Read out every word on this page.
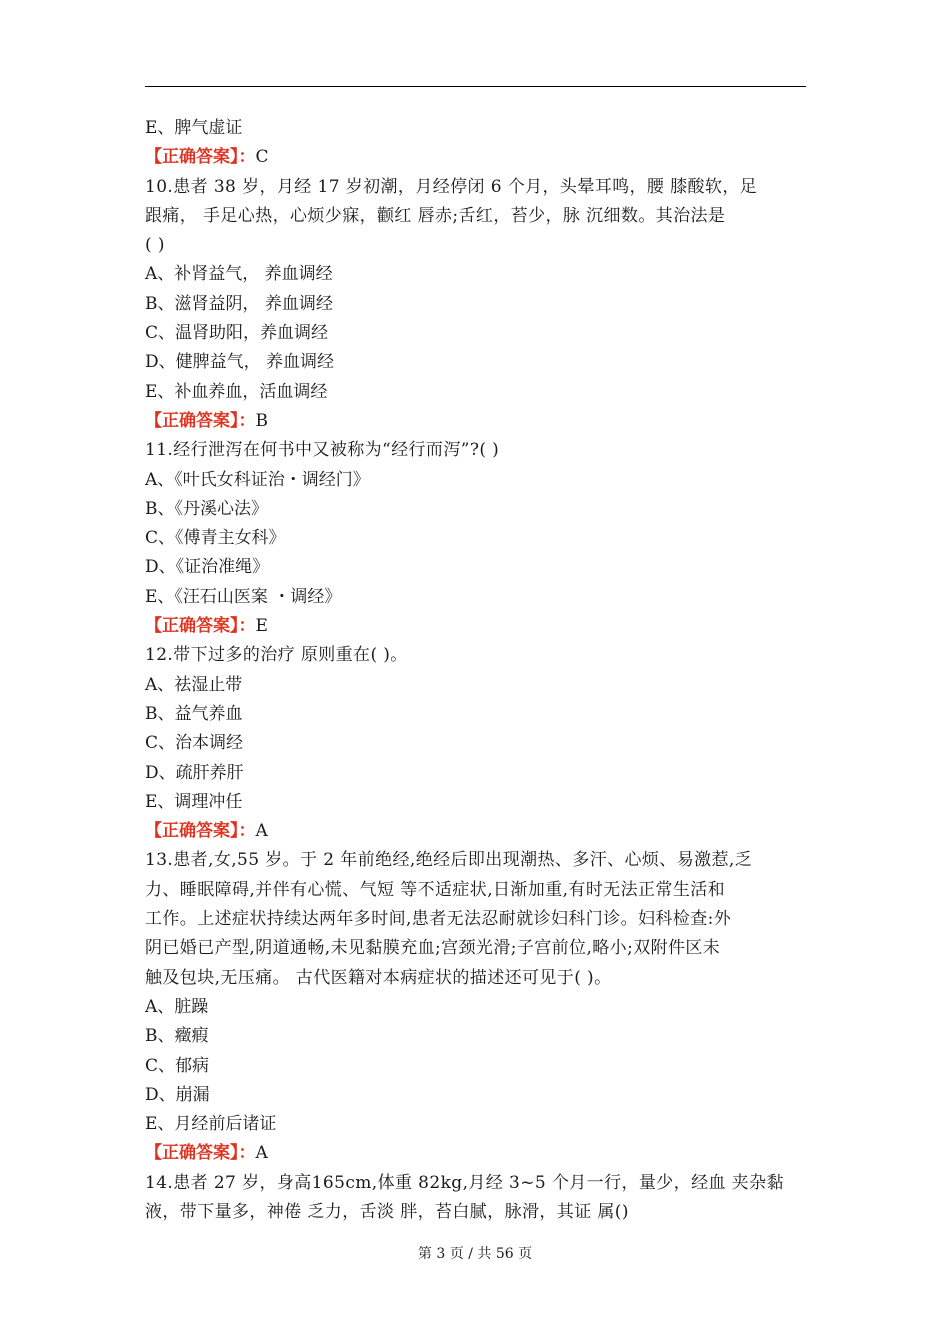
E、脾气虚证
【正确答案】：C
10.患者 38 岁，月经 17 岁初潮，月经停闭 6 个月，头晕耳鸣，腰 膝酸软，足
跟痛， 手足心热，心烦少寐，颧红 唇赤;舌红，苔少，脉 沉细数。其治法是
( )
A、补肾益气， 养血调经
B、滋肾益阴， 养血调经
C、温肾助阳，养血调经
D、健脾益气， 养血调经
E、补血养血，活血调经
【正确答案】：B
11.经行泄泻在何书中又被称为“经行而泻”?( )
A、《叶氏女科证治・调经门》
B、《丹溪心法》
C、《傅青主女科》
D、《证治准绳》
E、《汪石山医案 ・调经》
【正确答案】：E
12.带下过多的治疗 原则重在( )。
A、祛湿止带
B、益气养血
C、治本调经
D、疏肝养肝
E、调理冲任
【正确答案】：A
13.患者,女,55 岁。于 2 年前绝经,绝经后即出现潮热、多汗、心烦、易激惹,乏
力、睡眠障碍,并伴有心慌、气短 等不适症状,日渐加重,有时无法正常生活和
工作。上述症状持续达两年多时间,患者无法忍耐就诊妇科门诊。妇科检查:外
阴已婚已产型,阴道通畅,未见黏膜充血;宫颈光滑;子宫前位,略小;双附件区未
触及包块,无压痛。 古代医籍对本病症状的描述还可见于( )。
A、脏躁
B、癥瘕
C、郁病
D、崩漏
E、月经前后诸证
【正确答案】：A
14.患者 27 岁，身高165cm,体重 82kg,月经 3~5 个月一行，量少，经血 夹杂黏
液，带下量多，神倦 乏力，舌淡 胖，苔白腻，脉滑，其证 属()
第 3 页 / 共 56 页
